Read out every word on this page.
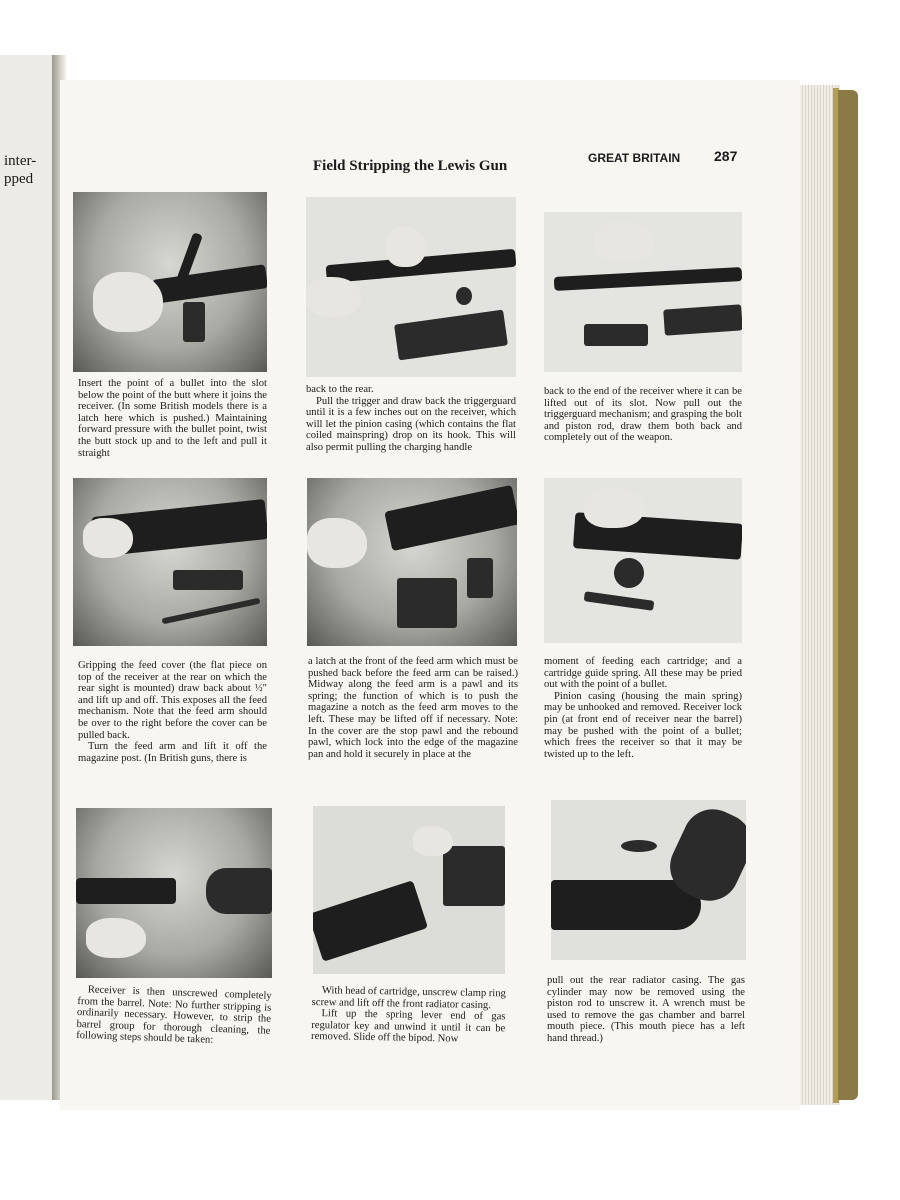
inter-
pped
GREAT BRITAIN 287
Field Stripping the Lewis Gun

Insert the point of a bullet into the slot below the point of the butt where it joins the receiver. (In some British models there is a latch here which is pushed.) Maintaining forward pressure with the bullet point, twist the butt stock up and to the left and pull it straight

back to the rear.

Pull the trigger and draw back the triggerguard until it is a few inches out on the receiver, which will let the pinion casing (which contains the flat coiled mainspring) drop on its hook. This will also permit pulling the charging handle

back to the end of the receiver where it can be lifted out of its slot. Now pull out the triggerguard mechanism; and grasping the bolt and piston rod, draw them both back and completely out of the weapon.

Gripping the feed cover (the flat piece on top of the receiver at the rear on which the rear sight is mounted) draw back about ½" and lift up and off. This exposes all the feed mechanism. Note that the feed arm should be over to the right before the cover can be pulled back.

Turn the feed arm and lift it off the magazine post. (In British guns, there is

a latch at the front of the feed arm which must be pushed back before the feed arm can be raised.) Midway along the feed arm is a pawl and its spring; the function of which is to push the magazine a notch as the feed arm moves to the left. These may be lifted off if necessary. Note: In the cover are the stop pawl and the rebound pawl, which lock into the edge of the magazine pan and hold it securely in place at the

moment of feeding each cartridge; and a cartridge guide spring. All these may be pried out with the point of a bullet.

Pinion casing (housing the main spring) may be unhooked and removed. Receiver lock pin (at front end of receiver near the barrel) may be pushed with the point of a bullet; which frees the receiver so that it may be twisted up to the left.

Receiver is then unscrewed completely from the barrel. Note: No further stripping is ordinarily necessary. However, to strip the barrel group for thorough cleaning, the following steps should be taken:

With head of cartridge, unscrew clamp ring screw and lift off the front radiator casing.

Lift up the spring lever end of gas regulator key and unwind it until it can be removed. Slide off the bipod. Now

pull out the rear radiator casing. The gas cylinder may now be removed using the piston rod to unscrew it. A wrench must be used to remove the gas chamber and barrel mouth piece. (This mouth piece has a left hand thread.)
